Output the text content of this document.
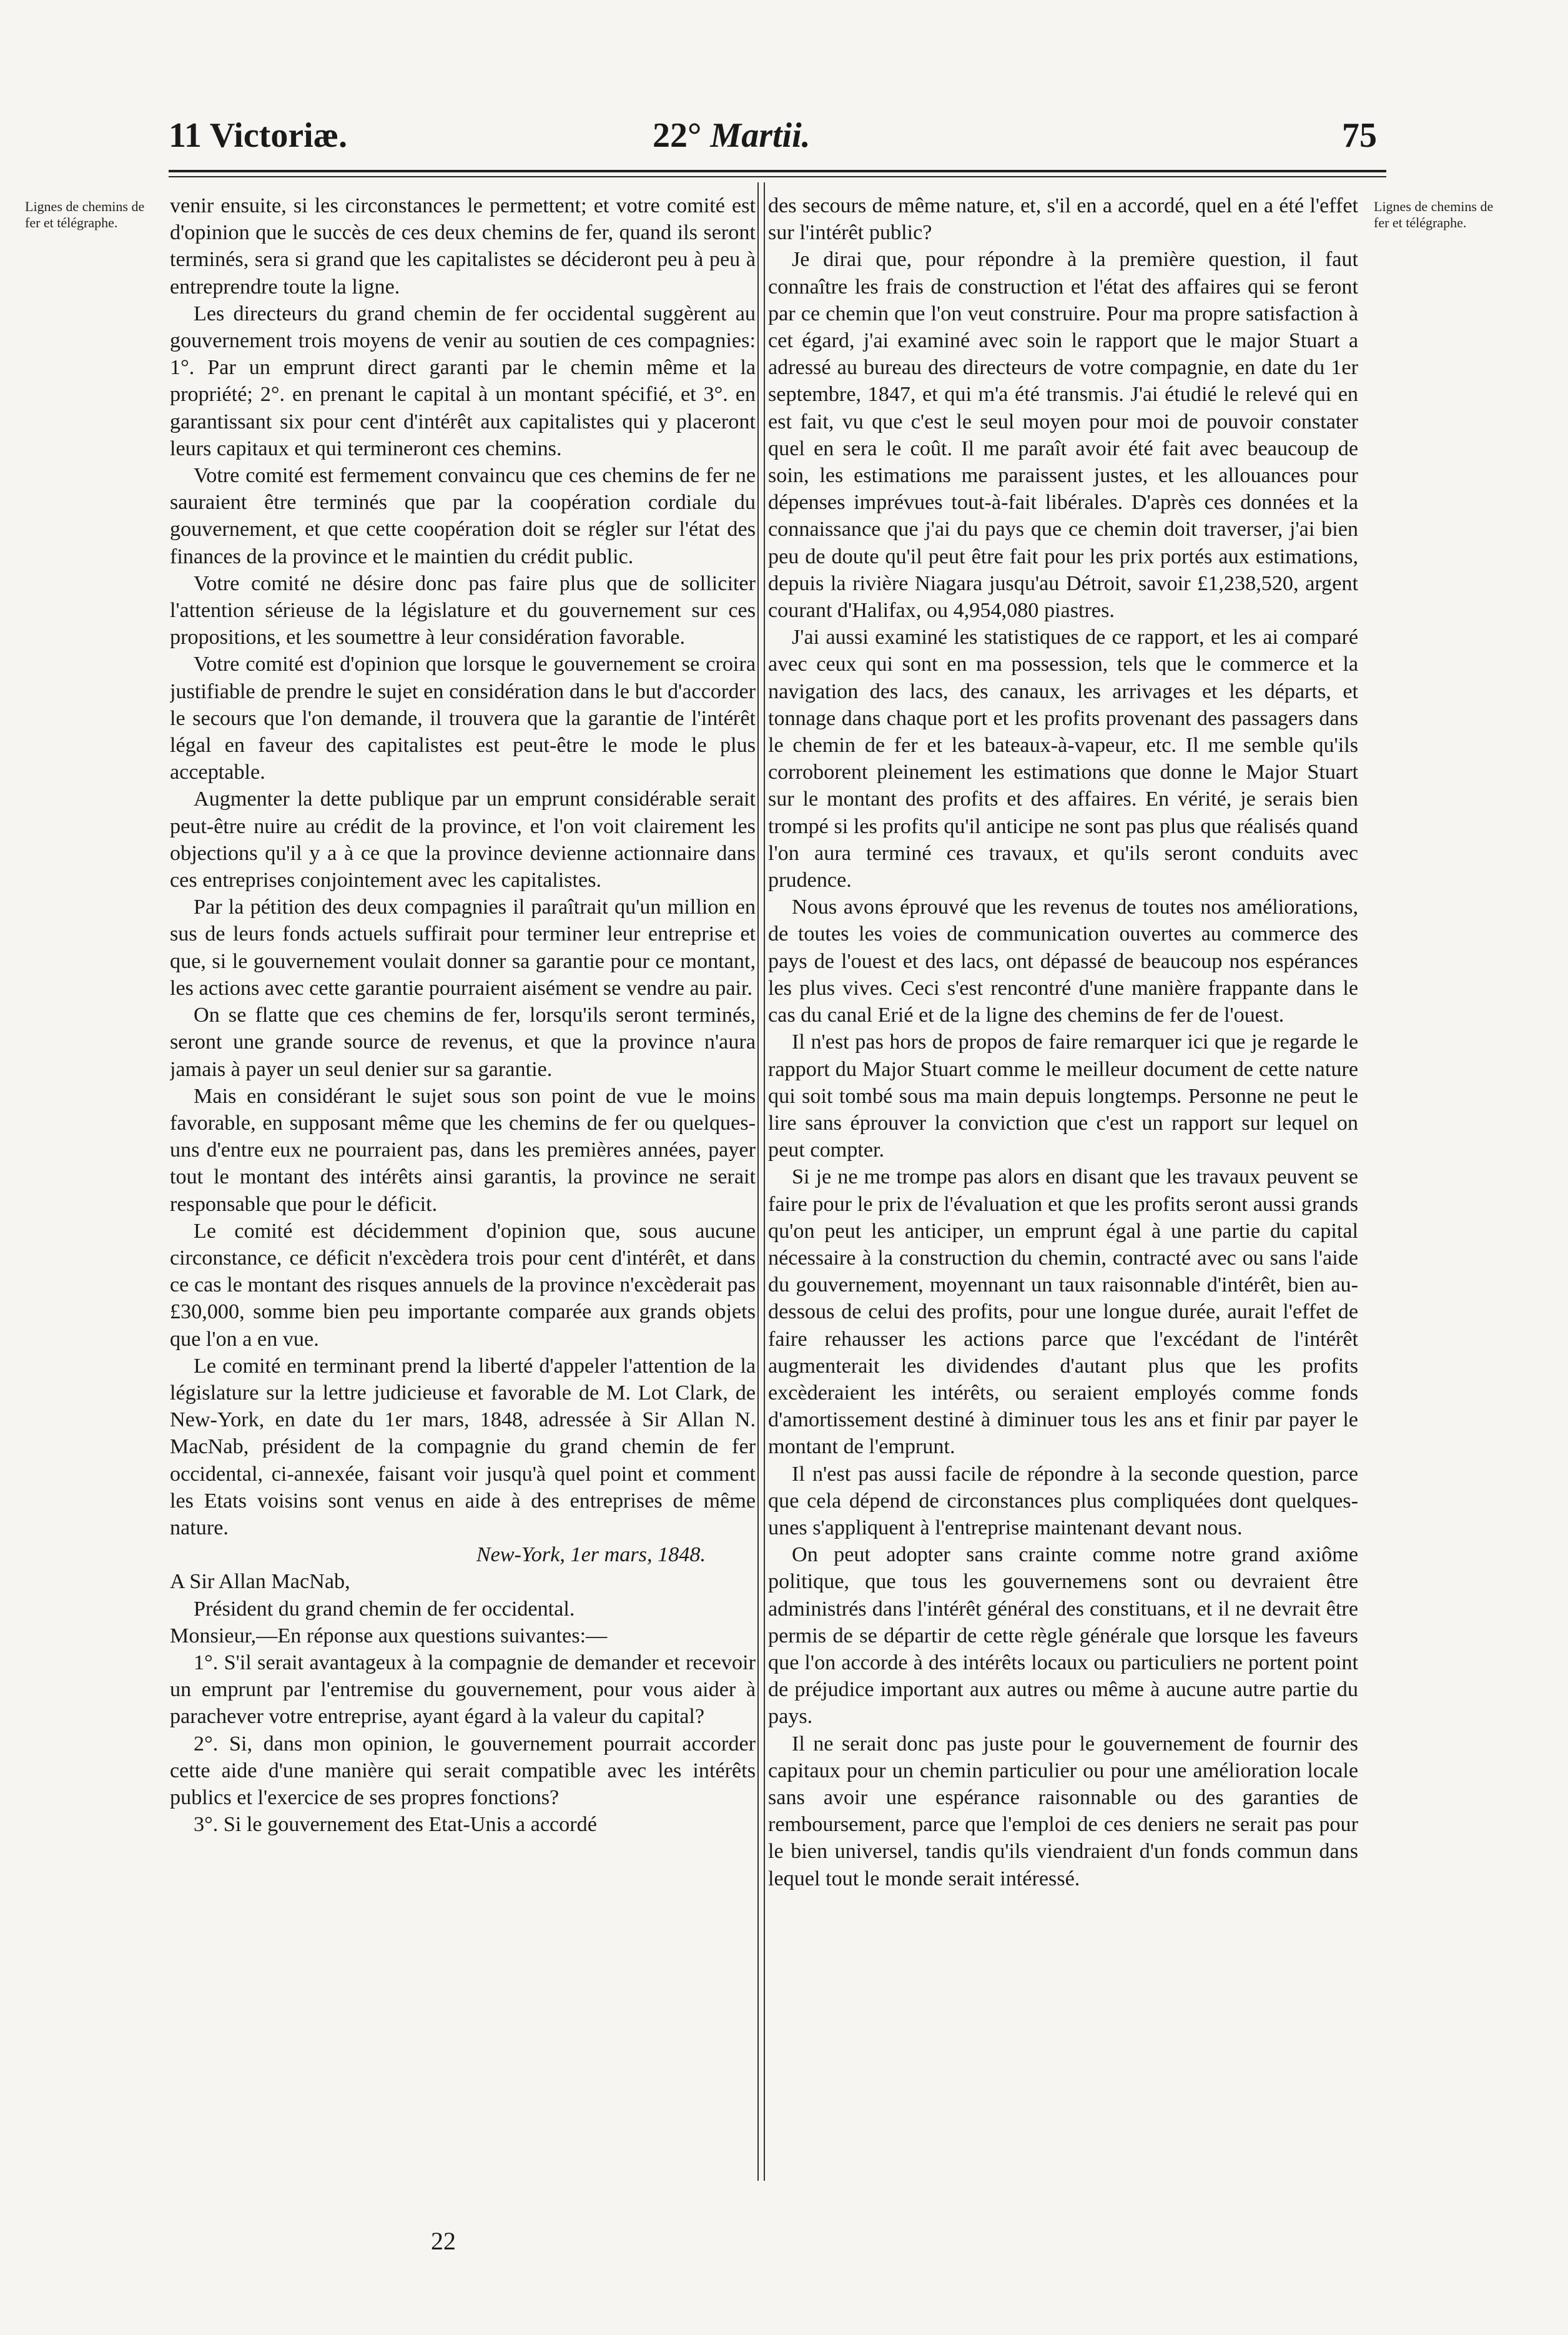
11 Victoriæ.	22° Martii.	75
Lignes de chemins de fer et télégraphe.
Lignes de chemins de fer et télégraphe.

venir ensuite, si les circonstances le permettent; et votre comité est d'opinion que le succès de ces deux chemins de fer, quand ils seront terminés, sera si grand que les capitalistes se décideront peu à peu à entreprendre toute la ligne.

Les directeurs du grand chemin de fer occidental suggèrent au gouvernement trois moyens de venir au soutien de ces compagnies: 1°. Par un emprunt direct garanti par le chemin même et la propriété; 2°. en prenant le capital à un montant spécifié, et 3°. en garantissant six pour cent d'intérêt aux capitalistes qui y placeront leurs capitaux et qui termineront ces chemins.

Votre comité est fermement convaincu que ces chemins de fer ne sauraient être terminés que par la coopération cordiale du gouvernement, et que cette coopération doit se régler sur l'état des finances de la province et le maintien du crédit public.

Votre comité ne désire donc pas faire plus que de solliciter l'attention sérieuse de la législature et du gouvernement sur ces propositions, et les soumettre à leur considération favorable.

Votre comité est d'opinion que lorsque le gouvernement se croira justifiable de prendre le sujet en considération dans le but d'accorder le secours que l'on demande, il trouvera que la garantie de l'intérêt légal en faveur des capitalistes est peut-être le mode le plus acceptable.

Augmenter la dette publique par un emprunt considérable serait peut-être nuire au crédit de la province, et l'on voit clairement les objections qu'il y a à ce que la province devienne actionnaire dans ces entreprises conjointement avec les capitalistes.

Par la pétition des deux compagnies il paraîtrait qu'un million en sus de leurs fonds actuels suffirait pour terminer leur entreprise et que, si le gouvernement voulait donner sa garantie pour ce montant, les actions avec cette garantie pourraient aisément se vendre au pair.

On se flatte que ces chemins de fer, lorsqu'ils seront terminés, seront une grande source de revenus, et que la province n'aura jamais à payer un seul denier sur sa garantie.

Mais en considérant le sujet sous son point de vue le moins favorable, en supposant même que les chemins de fer ou quelques-uns d'entre eux ne pourraient pas, dans les premières années, payer tout le montant des intérêts ainsi garantis, la province ne serait responsable que pour le déficit.

Le comité est décidemment d'opinion que, sous aucune circonstance, ce déficit n'excèdera trois pour cent d'intérêt, et dans ce cas le montant des risques annuels de la province n'excèderait pas £30,000, somme bien peu importante comparée aux grands objets que l'on a en vue.

Le comité en terminant prend la liberté d'appeler l'attention de la législature sur la lettre judicieuse et favorable de M. Lot Clark, de New-York, en date du 1er mars, 1848, adressée à Sir Allan N. MacNab, président de la compagnie du grand chemin de fer occidental, ci-annexée, faisant voir jusqu'à quel point et comment les Etats voisins sont venus en aide à des entreprises de même nature.

New-York, 1er mars, 1848.

A Sir Allan MacNab,

Président du grand chemin de fer occidental.

Monsieur,—En réponse aux questions suivantes:—

1°. S'il serait avantageux à la compagnie de demander et recevoir un emprunt par l'entremise du gouvernement, pour vous aider à parachever votre entreprise, ayant égard à la valeur du capital?

2°. Si, dans mon opinion, le gouvernement pourrait accorder cette aide d'une manière qui serait compatible avec les intérêts publics et l'exercice de ses propres fonctions?

3°. Si le gouvernement des Etat-Unis a accordé

des secours de même nature, et, s'il en a accordé, quel en a été l'effet sur l'intérêt public?

Je dirai que, pour répondre à la première question, il faut connaître les frais de construction et l'état des affaires qui se feront par ce chemin que l'on veut construire. Pour ma propre satisfaction à cet égard, j'ai examiné avec soin le rapport que le major Stuart a adressé au bureau des directeurs de votre compagnie, en date du 1er septembre, 1847, et qui m'a été transmis. J'ai étudié le relevé qui en est fait, vu que c'est le seul moyen pour moi de pouvoir constater quel en sera le coût. Il me paraît avoir été fait avec beaucoup de soin, les estimations me paraissent justes, et les allouances pour dépenses imprévues tout-à-fait libérales. D'après ces données et la connaissance que j'ai du pays que ce chemin doit traverser, j'ai bien peu de doute qu'il peut être fait pour les prix portés aux estimations, depuis la rivière Niagara jusqu'au Détroit, savoir £1,238,520, argent courant d'Halifax, ou 4,954,080 piastres.

J'ai aussi examiné les statistiques de ce rapport, et les ai comparé avec ceux qui sont en ma possession, tels que le commerce et la navigation des lacs, des canaux, les arrivages et les départs, et tonnage dans chaque port et les profits provenant des passagers dans le chemin de fer et les bateaux-à-vapeur, etc. Il me semble qu'ils corroborent pleinement les estimations que donne le Major Stuart sur le montant des profits et des affaires. En vérité, je serais bien trompé si les profits qu'il anticipe ne sont pas plus que réalisés quand l'on aura terminé ces travaux, et qu'ils seront conduits avec prudence.

Nous avons éprouvé que les revenus de toutes nos améliorations, de toutes les voies de communication ouvertes au commerce des pays de l'ouest et des lacs, ont dépassé de beaucoup nos espérances les plus vives. Ceci s'est rencontré d'une manière frappante dans le cas du canal Erié et de la ligne des chemins de fer de l'ouest.

Il n'est pas hors de propos de faire remarquer ici que je regarde le rapport du Major Stuart comme le meilleur document de cette nature qui soit tombé sous ma main depuis longtemps. Personne ne peut le lire sans éprouver la conviction que c'est un rapport sur lequel on peut compter.

Si je ne me trompe pas alors en disant que les travaux peuvent se faire pour le prix de l'évaluation et que les profits seront aussi grands qu'on peut les anticiper, un emprunt égal à une partie du capital nécessaire à la construction du chemin, contracté avec ou sans l'aide du gouvernement, moyennant un taux raisonnable d'intérêt, bien au-dessous de celui des profits, pour une longue durée, aurait l'effet de faire rehausser les actions parce que l'excédant de l'intérêt augmenterait les dividendes d'autant plus que les profits excèderaient les intérêts, ou seraient employés comme fonds d'amortissement destiné à diminuer tous les ans et finir par payer le montant de l'emprunt.

Il n'est pas aussi facile de répondre à la seconde question, parce que cela dépend de circonstances plus compliquées dont quelques-unes s'appliquent à l'entreprise maintenant devant nous.

On peut adopter sans crainte comme notre grand axiôme politique, que tous les gouvernemens sont ou devraient être administrés dans l'intérêt général des constituans, et il ne devrait être permis de se départir de cette règle générale que lorsque les faveurs que l'on accorde à des intérêts locaux ou particuliers ne portent point de préjudice important aux autres ou même à aucune autre partie du pays.

Il ne serait donc pas juste pour le gouvernement de fournir des capitaux pour un chemin particulier ou pour une amélioration locale sans avoir une espérance raisonnable ou des garanties de remboursement, parce que l'emploi de ces deniers ne serait pas pour le bien universel, tandis qu'ils viendraient d'un fonds commun dans lequel tout le monde serait intéressé.

22
